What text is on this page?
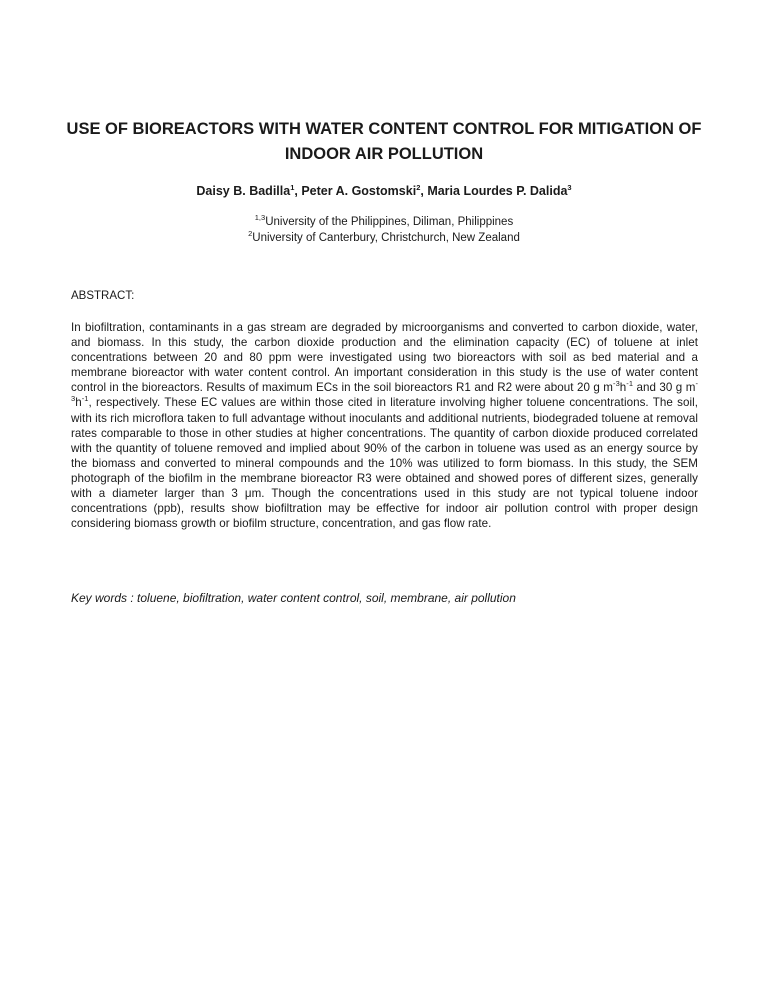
USE OF BIOREACTORS WITH WATER CONTENT CONTROL FOR MITIGATION OF INDOOR AIR POLLUTION
Daisy B. Badilla$^1$, Peter A. Gostomski$^2$, Maria Lourdes P. Dalida$^3$
$^{1,3}$University of the Philippines, Diliman, Philippines
$^2$University of Canterbury, Christchurch, New Zealand
ABSTRACT:

In biofiltration, contaminants in a gas stream are degraded by microorganisms and converted to carbon dioxide, water, and biomass. In this study, the carbon dioxide production and the elimination capacity (EC) of toluene at inlet concentrations between 20 and 80 ppm were investigated using two bioreactors with soil as bed material and a membrane bioreactor with water content control. An important consideration in this study is the use of water content control in the bioreactors. Results of maximum ECs in the soil bioreactors R1 and R2 were about 20 g $m^{-3}h^{-1}$ and 30 g $m^{-3}h^{-1}$, respectively. These EC values are within those cited in literature involving higher toluene concentrations. The soil, with its rich microflora taken to full advantage without inoculants and additional nutrients, biodegraded toluene at removal rates comparable to those in other studies at higher concentrations. The quantity of carbon dioxide produced correlated with the quantity of toluene removed and implied about 90% of the carbon in toluene was used as an energy source by the biomass and converted to mineral compounds and the 10% was utilized to form biomass. In this study, the SEM photograph of the biofilm in the membrane bioreactor R3 were obtained and showed pores of different sizes, generally with a diameter larger than 3 μm. Though the concentrations used in this study are not typical toluene indoor concentrations (ppb), results show biofiltration may be effective for indoor air pollution control with proper design considering biomass growth or biofilm structure, concentration, and gas flow rate.

Key words : toluene, biofiltration, water content control, soil, membrane, air pollution
